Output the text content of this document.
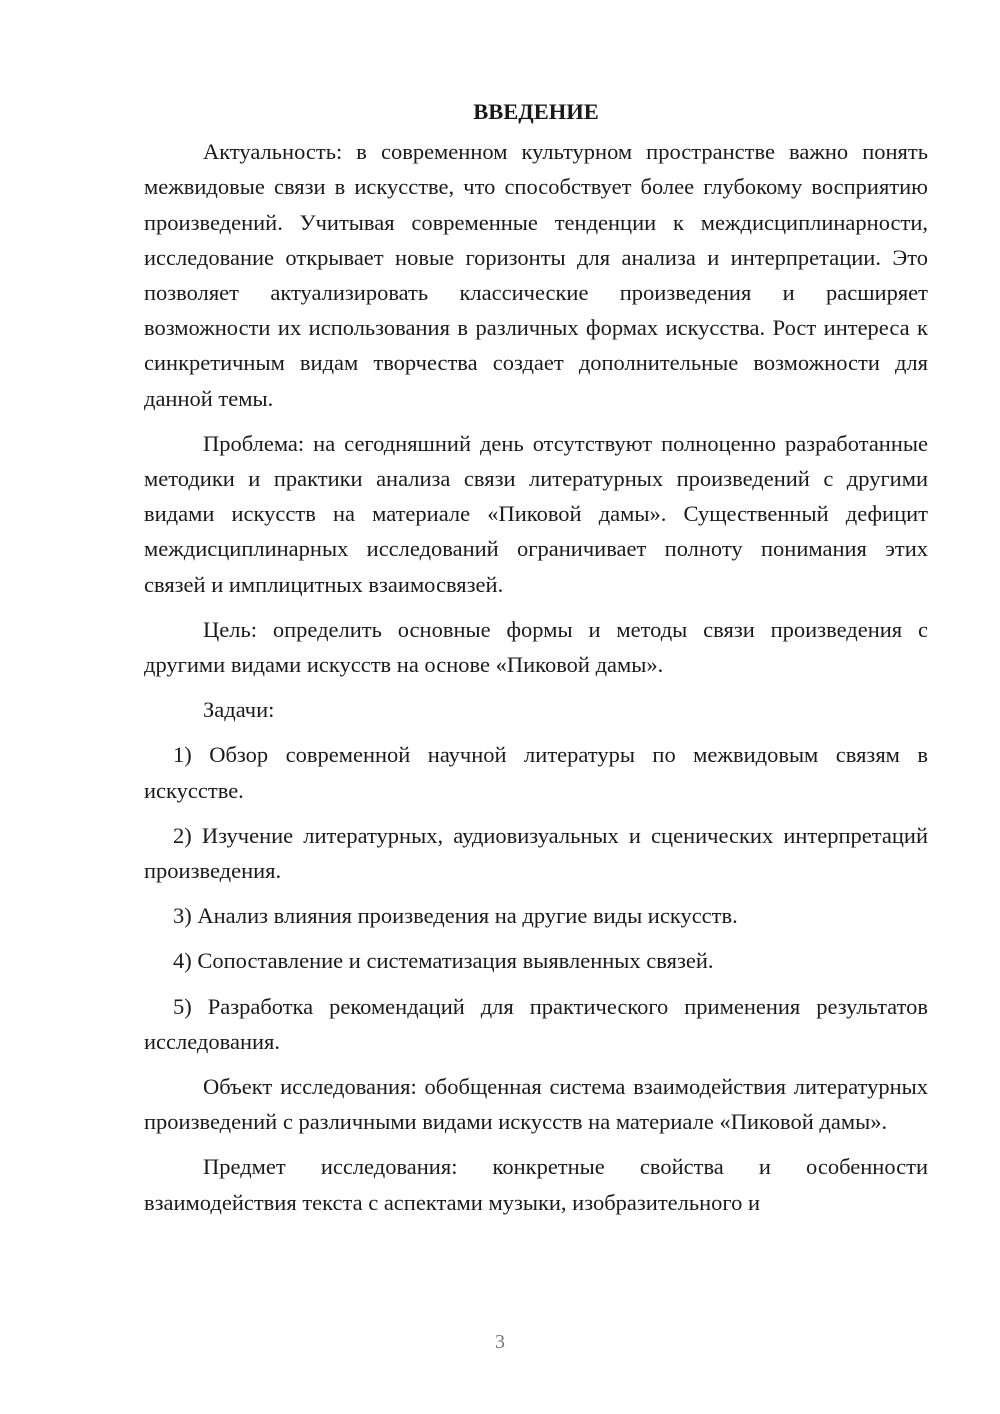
ВВЕДЕНИЕ

Актуальность: в современном культурном пространстве важно понять межвидовые связи в искусстве, что способствует более глубокому восприятию произведений. Учитывая современные тенденции к междисциплинарности, исследование открывает новые горизонты для анализа и интерпретации. Это позволяет актуализировать классические произведения и расширяет возможности их использования в различных формах искусства. Рост интереса к синкретичным видам творчества создает дополнительные возможности для данной темы.

Проблема: на сегодняшний день отсутствуют полноценно разработанные методики и практики анализа связи литературных произведений с другими видами искусств на материале «Пиковой дамы». Существенный дефицит междисциплинарных исследований ограничивает полноту понимания этих связей и имплицитных взаимосвязей.

Цель: определить основные формы и методы связи произведения с другими видами искусств на основе «Пиковой дамы».

Задачи:

1) Обзор современной научной литературы по межвидовым связям в искусстве.

2) Изучение литературных, аудиовизуальных и сценических интерпретаций произведения.

3) Анализ влияния произведения на другие виды искусств.

4) Сопоставление и систематизация выявленных связей.

5) Разработка рекомендаций для практического применения результатов исследования.

Объект исследования: обобщенная система взаимодействия литературных произведений с различными видами искусств на материале «Пиковой дамы».

Предмет исследования: конкретные свойства и особенности взаимодействия текста с аспектами музыки, изобразительного и

3
